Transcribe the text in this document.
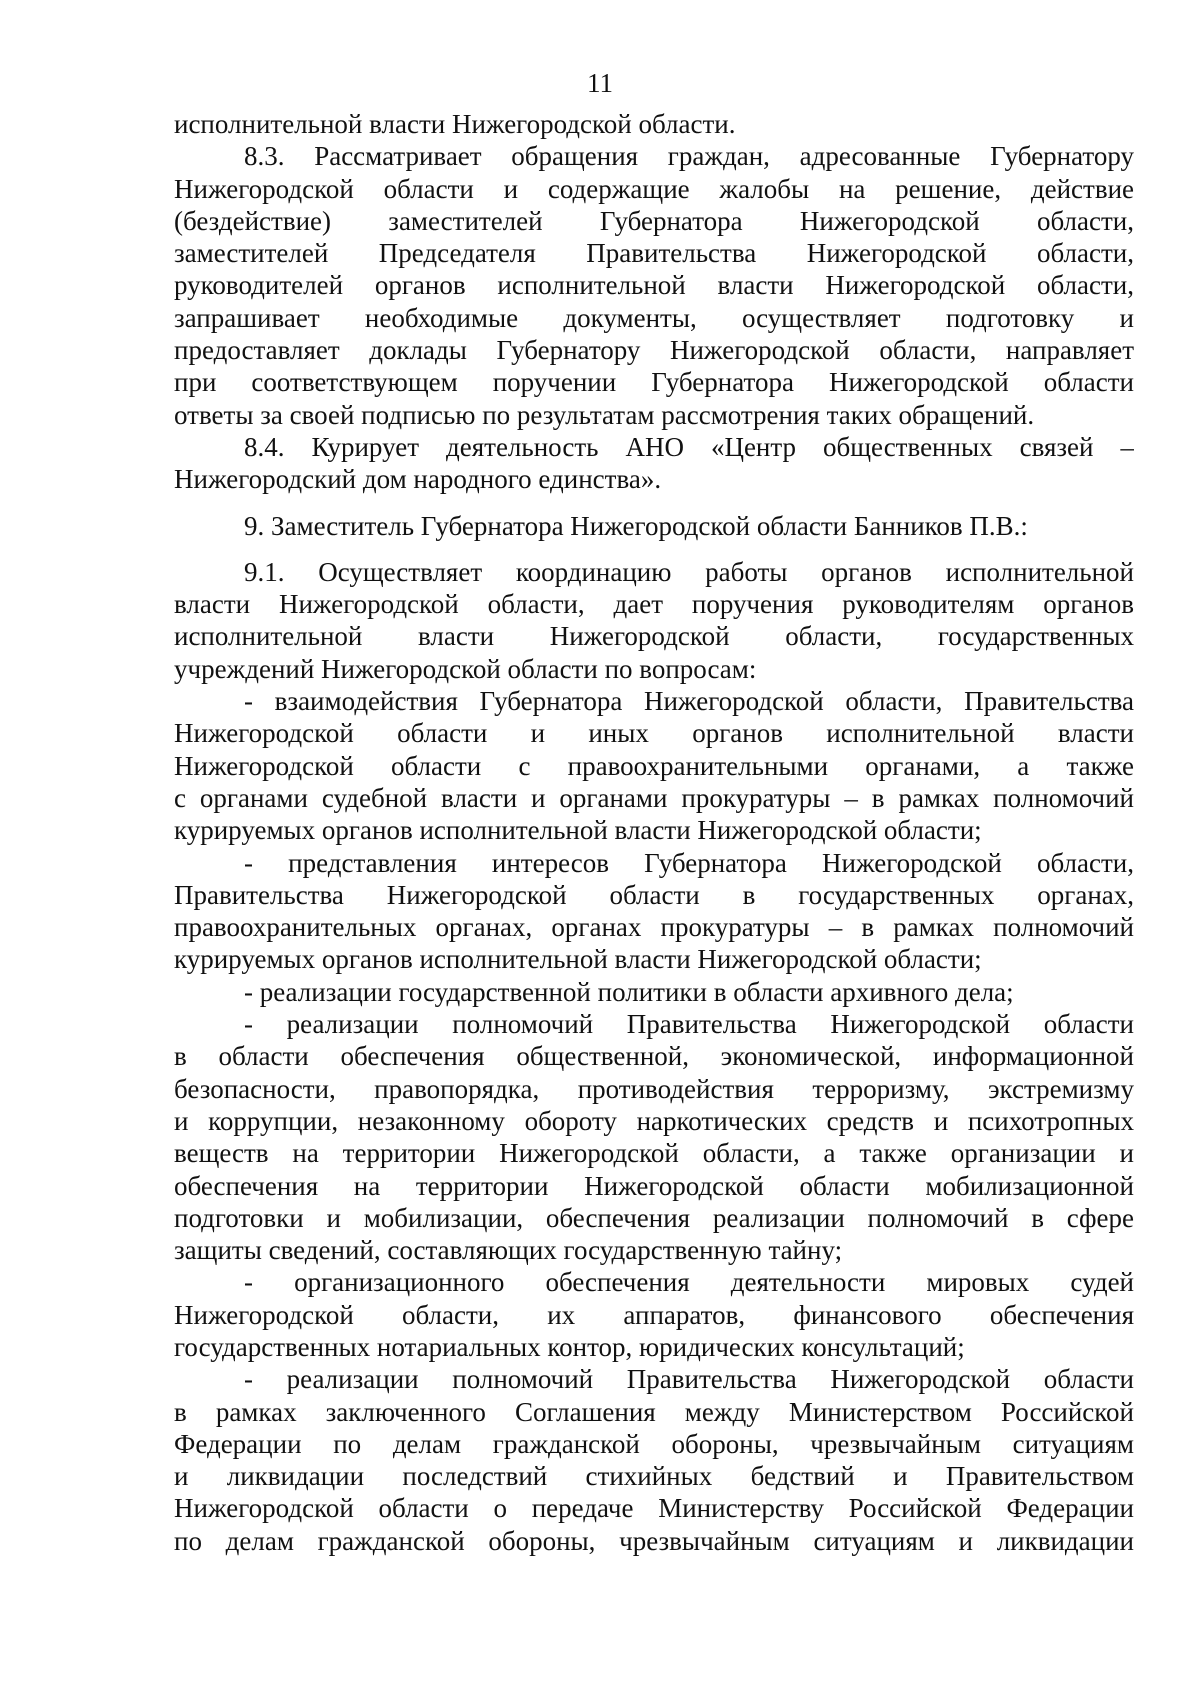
11
исполнительной власти Нижегородской области.
8.3. Рассматривает обращения граждан, адресованные Губернатору
Нижегородской области и содержащие жалобы на решение, действие
(бездействие) заместителей Губернатора Нижегородской области,
заместителей Председателя Правительства Нижегородской области,
руководителей органов исполнительной власти Нижегородской области,
запрашивает необходимые документы, осуществляет подготовку и
предоставляет доклады Губернатору Нижегородской области, направляет
при соответствующем поручении Губернатора Нижегородской области
ответы за своей подписью по результатам рассмотрения таких обращений.
8.4. Курирует деятельность АНО «Центр общественных связей –
Нижегородский дом народного единства».
9. Заместитель Губернатора Нижегородской области Банников П.В.:
9.1. Осуществляет координацию работы органов исполнительной
власти Нижегородской области, дает поручения руководителям органов
исполнительной власти Нижегородской области, государственных
учреждений Нижегородской области по вопросам:
- взаимодействия Губернатора Нижегородской области, Правительства
Нижегородской области и иных органов исполнительной власти
Нижегородской области с правоохранительными органами, а также
с органами судебной власти и органами прокуратуры – в рамках полномочий
курируемых органов исполнительной власти Нижегородской области;
- представления интересов Губернатора Нижегородской области,
Правительства Нижегородской области в государственных органах,
правоохранительных органах, органах прокуратуры – в рамках полномочий
курируемых органов исполнительной власти Нижегородской области;
- реализации государственной политики в области архивного дела;
- реализации полномочий Правительства Нижегородской области
в области обеспечения общественной, экономической, информационной
безопасности, правопорядка, противодействия терроризму, экстремизму
и коррупции, незаконному обороту наркотических средств и психотропных
веществ на территории Нижегородской области, а также организации и
обеспечения на территории Нижегородской области мобилизационной
подготовки и мобилизации, обеспечения реализации полномочий в сфере
защиты сведений, составляющих государственную тайну;
- организационного обеспечения деятельности мировых судей
Нижегородской области, их аппаратов, финансового обеспечения
государственных нотариальных контор, юридических консультаций;
- реализации полномочий Правительства Нижегородской области
в рамках заключенного Соглашения между Министерством Российской
Федерации по делам гражданской обороны, чрезвычайным ситуациям
и ликвидации последствий стихийных бедствий и Правительством
Нижегородской области о передаче Министерству Российской Федерации
по делам гражданской обороны, чрезвычайным ситуациям и ликвидации
